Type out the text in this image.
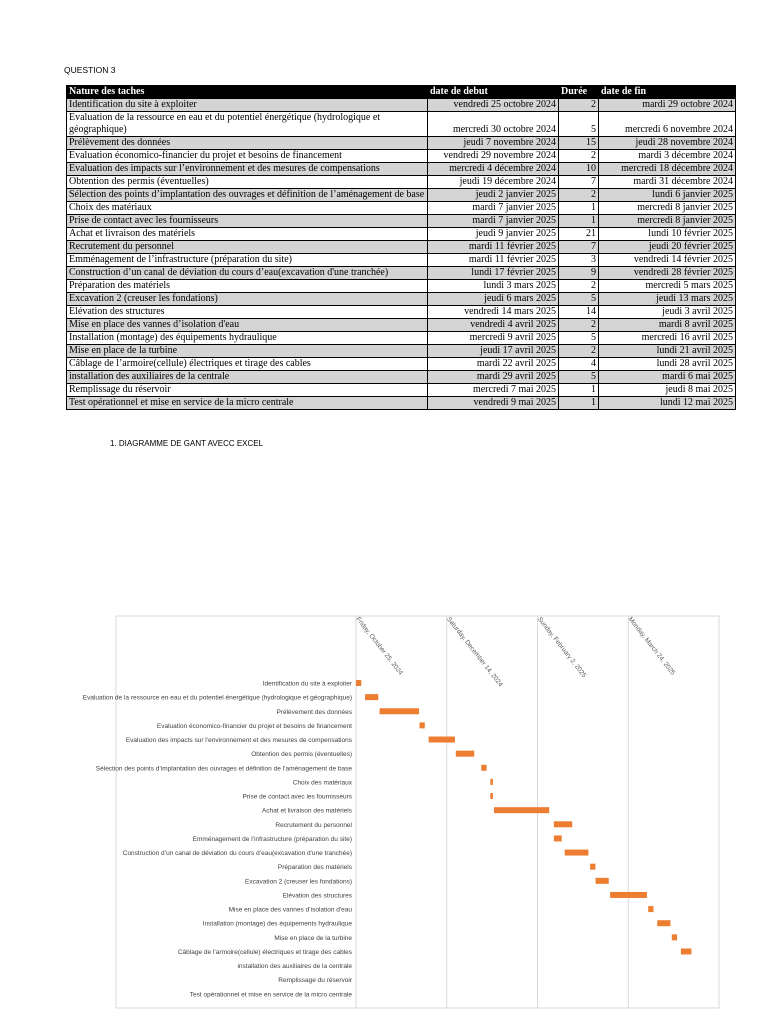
QUESTION 3
Nature des taches	date de debut	Durée	date de fin
Identification du site à exploiter	vendredi 25 octobre 2024	2	mardi 29 octobre 2024
Evaluation de la ressource en eau et du potentiel énergétique (hydrologique et géographique)	mercredi 30 octobre 2024	5	mercredi 6 novembre 2024
Prélèvement des données	jeudi 7 novembre 2024	15	jeudi 28 novembre 2024
Evaluation économico-financier du projet et besoins de financement	vendredi 29 novembre 2024	2	mardi 3 décembre 2024
Evaluation des impacts sur l’environnement et des mesures de compensations	mercredi 4 décembre 2024	10	mercredi 18 décembre 2024
Obtention des permis (éventuelles)	jeudi 19 décembre 2024	7	mardi 31 décembre 2024
Sélection des points d’implantation des ouvrages et définition de l’aménagement de base	jeudi 2 janvier 2025	2	lundi 6 janvier 2025
Choix des matériaux	mardi 7 janvier 2025	1	mercredi 8 janvier 2025
Prise de contact avec les fournisseurs	mardi 7 janvier 2025	1	mercredi 8 janvier 2025
Achat et livraison des matériels	jeudi 9 janvier 2025	21	lundi 10 février 2025
Recrutement du personnel	mardi 11 février 2025	7	jeudi 20 février 2025
Emménagement de l’infrastructure (préparation du site)	mardi 11 février 2025	3	vendredi 14 février 2025
Construction d’un canal de déviation du cours d’eau(excavation d'une tranchée)	lundi 17 février 2025	9	vendredi 28 février 2025
Préparation des matériels	lundi 3 mars 2025	2	mercredi 5 mars 2025
Excavation 2 (creuser les fondations)	jeudi 6 mars 2025	5	jeudi 13 mars 2025
Elévation des structures	vendredi 14 mars 2025	14	jeudi 3 avril 2025
Mise en place des vannes d’isolation d'eau	vendredi 4 avril 2025	2	mardi 8 avril 2025
Installation (montage) des équipements hydraulique	mercredi 9 avril 2025	5	mercredi 16 avril 2025
Mise en place de la turbine	jeudi 17 avril 2025	2	lundi 21 avril 2025
Câblage de l’armoire(cellule) électriques et tirage des cables	mardi 22 avril 2025	4	lundi 28 avril 2025
installation des auxiliaires de la centrale	mardi 29 avril 2025	5	mardi 6 mai 2025
Remplissage du réservoir	mercredi 7 mai 2025	1	jeudi 8 mai 2025
Test opérationnel et mise en service de la micro centrale	vendredi 9 mai 2025	1	lundi 12 mai 2025
1. DIAGRAMME DE GANT AVECC EXCEL
Friday, October 25, 2024	Saturday, December 14, 2024	Sunday, February 2, 2025	Monday, March 24, 2025
Identification du site à exploiter
Evaluation de la ressource en eau et du potentiel énergétique (hydrologique et géographique)
Prélèvement des données
Evaluation économico-financier du projet et besoins de financement
Evaluation des impacts sur l’environnement et des mesures de compensations
Obtention des permis (éventuelles)
Sélection des points d’implantation des ouvrages et définition de l’aménagement de base
Choix des matériaux
Prise de contact avec les fournisseurs
Achat et livraison des matériels
Recrutement du personnel
Emménagement de l’infrastructure (préparation du site)
Construction d’un canal de déviation du cours d’eau(excavation d'une tranchée)
Préparation des matériels
Excavation 2 (creuser les fondations)
Elévation des structures
Mise en place des vannes d’isolation d'eau
Installation (montage) des équipements hydraulique
Mise en place de la turbine
Câblage de l’armoire(cellule) électriques et tirage des cables
installation des auxiliaires de la centrale
Remplissage du réservoir
Test opérationnel et mise en service de la micro centrale
